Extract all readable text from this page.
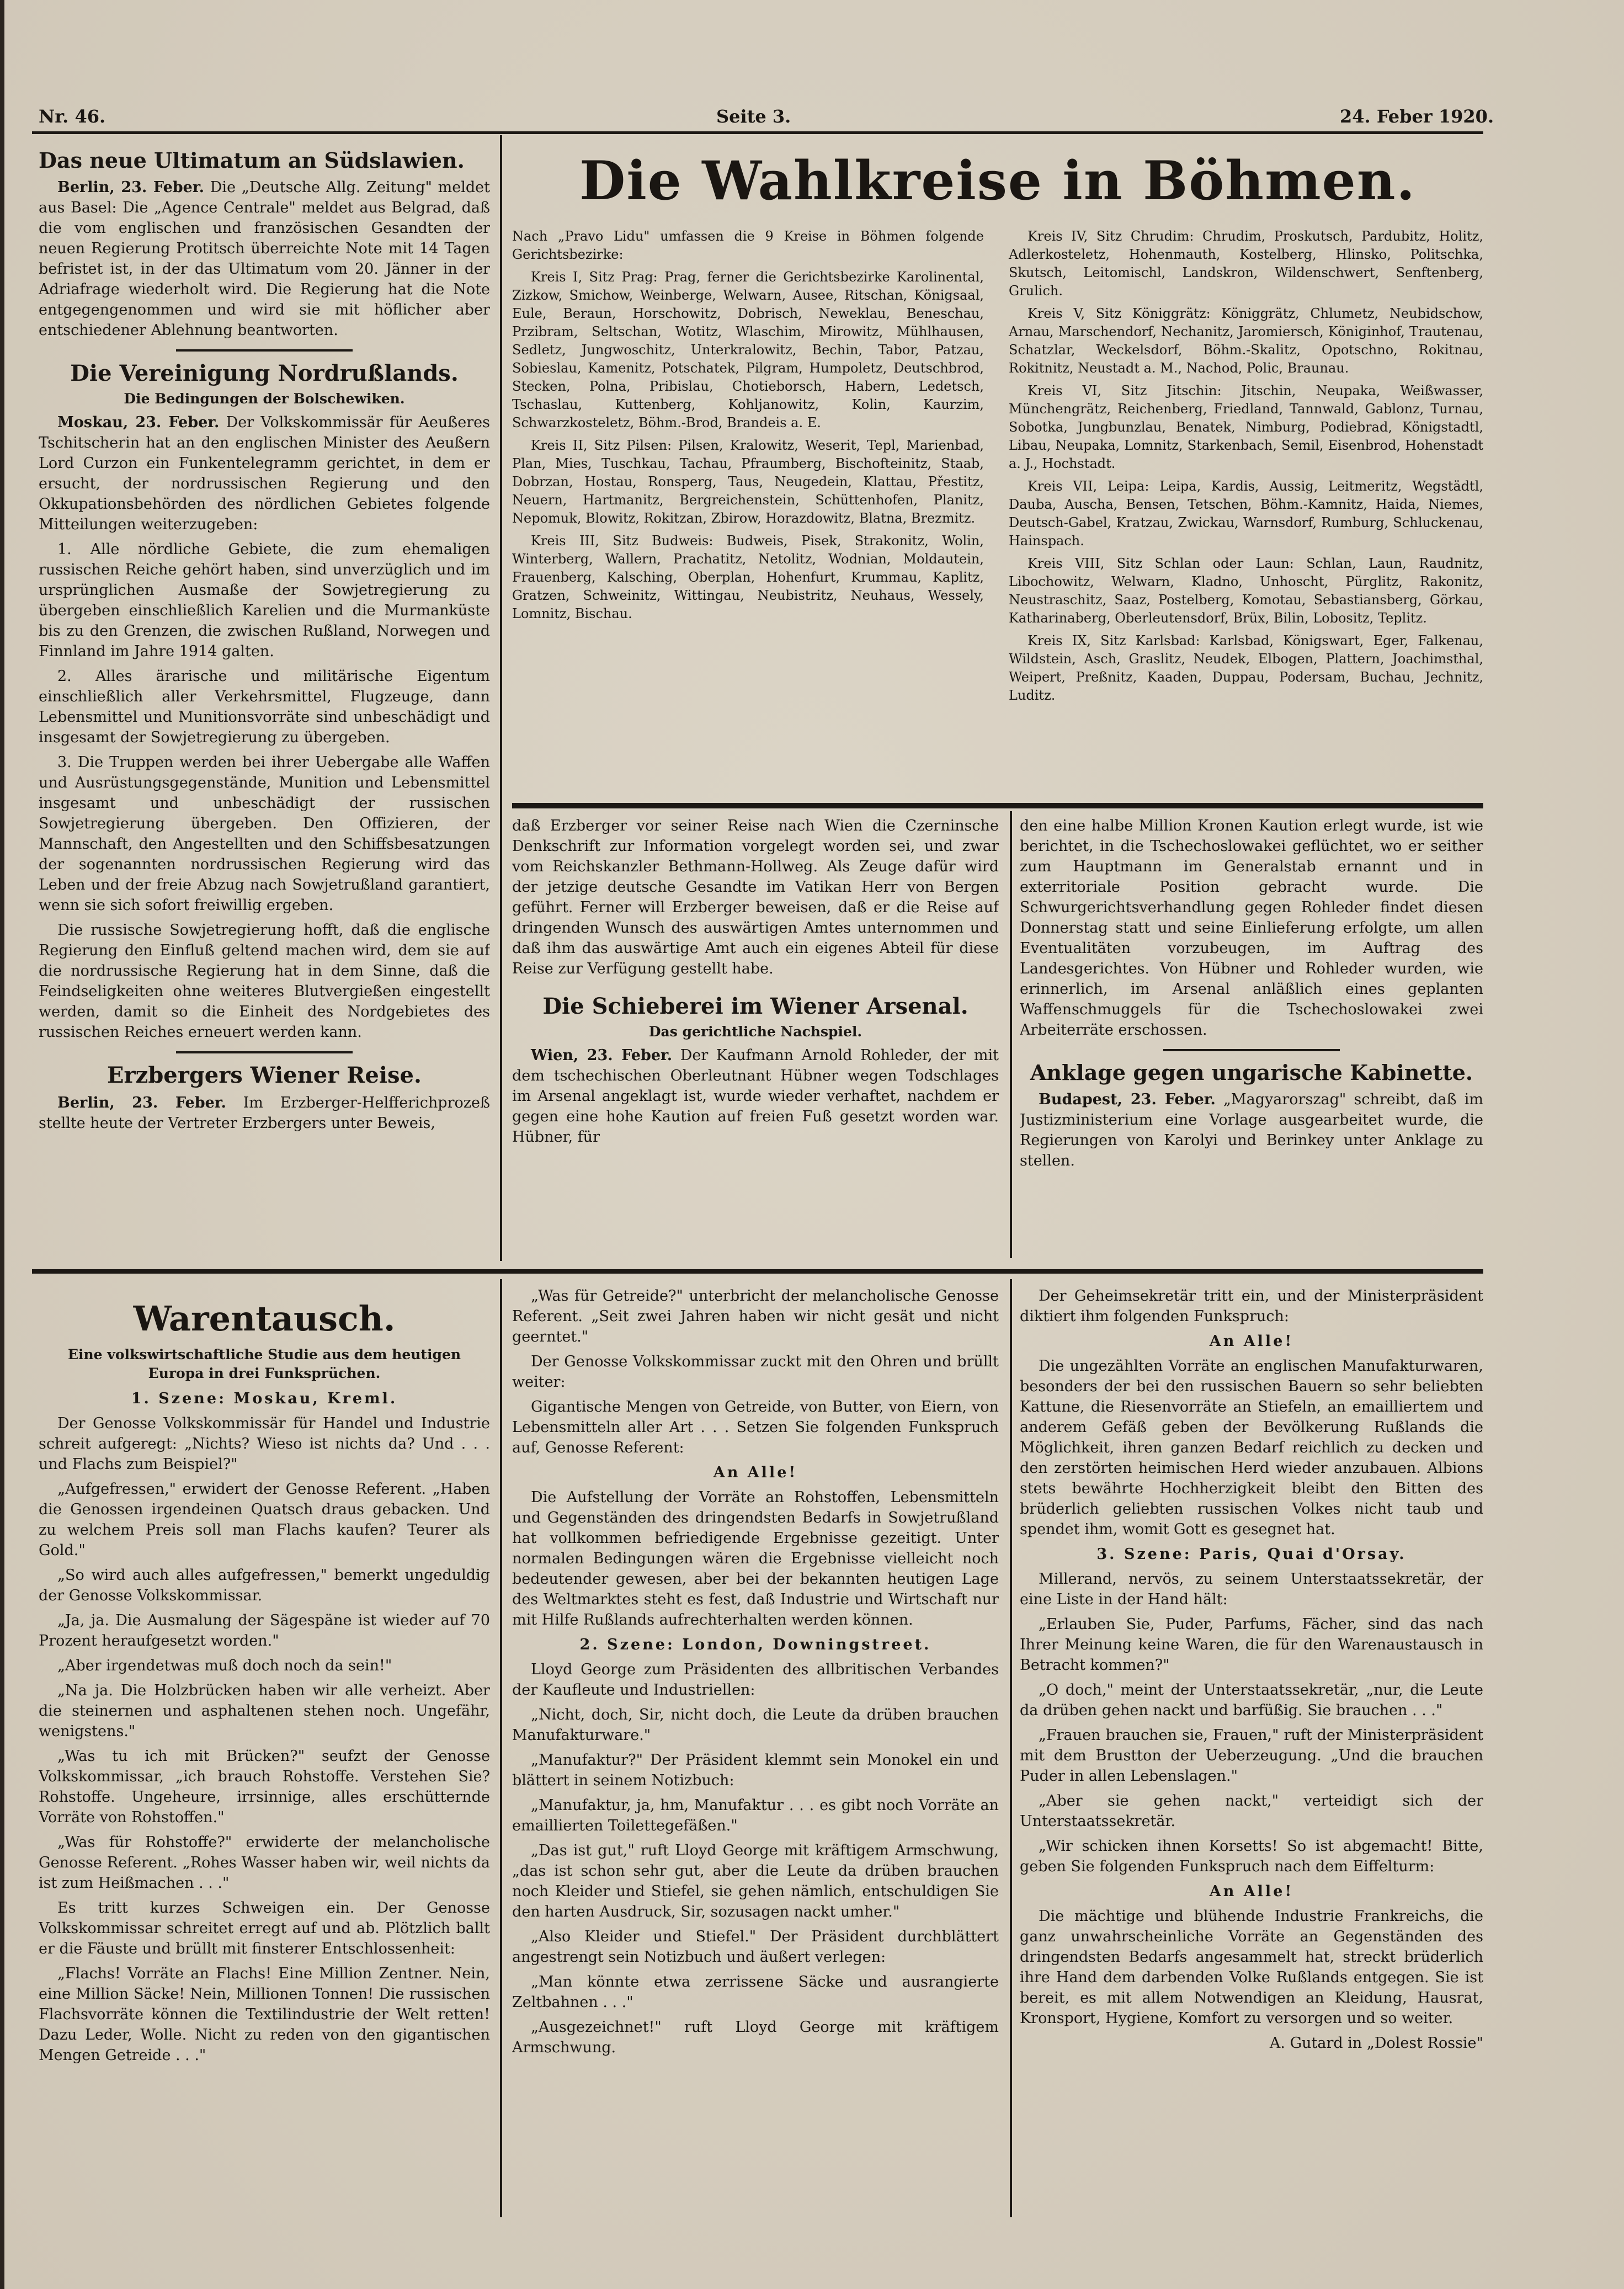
Nr. 46.	Seite 3.	24. Feber 1920.
Das neue Ultimatum an Südslawien.

Berlin, 23. Feber. Die „Deutsche Allg. Zeitung" meldet aus Basel: Die „Agence Centrale" meldet aus Belgrad, daß die vom englischen und französischen Gesandten der neuen Regierung Protitsch überreichte Note mit 14 Tagen befristet ist, in der das Ultimatum vom 20. Jänner in der Adriafrage wiederholt wird. Die Regierung hat die Note entgegengenommen und wird sie mit höflicher aber entschiedener Ablehnung beantworten.

Die Vereinigung Nordrußlands.
Die Bedingungen der Bolschewiken.

Moskau, 23. Feber. Der Volkskommissär für Aeußeres Tschitscherin hat an den englischen Minister des Aeußern Lord Curzon ein Funkentelegramm gerichtet, in dem er ersucht, der nordrussischen Regierung und den Okkupationsbehörden des nördlichen Gebietes folgende Mitteilungen weiterzugeben:

1. Alle nördliche Gebiete, die zum ehemaligen russischen Reiche gehört haben, sind unverzüglich und im ursprünglichen Ausmaße der Sowjetregierung zu übergeben einschließlich Karelien und die Murmanküste bis zu den Grenzen, die zwischen Rußland, Norwegen und Finnland im Jahre 1914 galten.

2. Alles ärarische und militärische Eigentum einschließlich aller Verkehrsmittel, Flugzeuge, dann Lebensmittel und Munitionsvorräte sind unbeschädigt und insgesamt der Sowjetregierung zu übergeben.

3. Die Truppen werden bei ihrer Uebergabe alle Waffen und Ausrüstungsgegenstände, Munition und Lebensmittel insgesamt und unbeschädigt der russischen Sowjetregierung übergeben. Den Offizieren, der Mannschaft, den Angestellten und den Schiffsbesatzungen der sogenannten nordrussischen Regierung wird das Leben und der freie Abzug nach Sowjetrußland garantiert, wenn sie sich sofort freiwillig ergeben.

Die russische Sowjetregierung hofft, daß die englische Regierung den Einfluß geltend machen wird, dem sie auf die nordrussische Regierung hat in dem Sinne, daß die Feindseligkeiten ohne weiteres Blutvergießen eingestellt werden, damit so die Einheit des Nordgebietes des russischen Reiches erneuert werden kann.

Erzbergers Wiener Reise.

Berlin, 23. Feber. Im Erzberger-Helfferichprozeß stellte heute der Vertreter Erzbergers unter Beweis,

Die Wahlkreise in Böhmen.

Nach „Pravo Lidu" umfassen die 9 Kreise in Böhmen folgende Gerichtsbezirke:

Kreis I, Sitz Prag: Prag, ferner die Gerichtsbezirke Karolinental, Zizkow, Smichow, Weinberge, Welwarn, Ausee, Ritschan, Königsaal, Eule, Beraun, Horschowitz, Dobrisch, Neweklau, Beneschau, Przibram, Seltschan, Wotitz, Wlaschim, Mirowitz, Mühlhausen, Sedletz, Jungwoschitz, Unterkralowitz, Bechin, Tabor, Patzau, Sobieslau, Kamenitz, Potschatek, Pilgram, Humpoletz, Deutschbrod, Stecken, Polna, Pribislau, Chotieborsch, Habern, Ledetsch, Tschaslau, Kuttenberg, Kohljanowitz, Kolin, Kaurzim, Schwarzkosteletz, Böhm.-Brod, Brandeis a. E.

Kreis II, Sitz Pilsen: Pilsen, Kralowitz, Weserit, Tepl, Marienbad, Plan, Mies, Tuschkau, Tachau, Pfraumberg, Bischofteinitz, Staab, Dobrzan, Hostau, Ronsperg, Taus, Neugedein, Klattau, Přestitz, Neuern, Hartmanitz, Bergreichenstein, Schüttenhofen, Planitz, Nepomuk, Blowitz, Rokitzan, Zbirow, Horazdowitz, Blatna, Brezmitz.

Kreis III, Sitz Budweis: Budweis, Pisek, Strakonitz, Wolin, Winterberg, Wallern, Prachatitz, Netolitz, Wodnian, Moldautein, Frauenberg, Kalsching, Oberplan, Hohenfurt, Krummau, Kaplitz, Gratzen, Schweinitz, Wittingau, Neubistritz, Neuhaus, Wessely, Lomnitz, Bischau.

Kreis IV, Sitz Chrudim: Chrudim, Proskutsch, Pardubitz, Holitz, Adlerkosteletz, Hohenmauth, Kostelberg, Hlinsko, Politschka, Skutsch, Leitomischl, Landskron, Wildenschwert, Senftenberg, Grulich.

Kreis V, Sitz Königgrätz: Königgrätz, Chlumetz, Neubidschow, Arnau, Marschendorf, Nechanitz, Jaromiersch, Königinhof, Trautenau, Schatzlar, Weckelsdorf, Böhm.-Skalitz, Opotschno, Rokitnau, Rokitnitz, Neustadt a. M., Nachod, Polic, Braunau.

Kreis VI, Sitz Jitschin: Jitschin, Neupaka, Weißwasser, Münchengrätz, Reichenberg, Friedland, Tannwald, Gablonz, Turnau, Sobotka, Jungbunzlau, Benatek, Nimburg, Podiebrad, Königstadtl, Libau, Neupaka, Lomnitz, Starkenbach, Semil, Eisenbrod, Hohenstadt a. J., Hochstadt.

Kreis VII, Leipa: Leipa, Kardis, Aussig, Leitmeritz, Wegstädtl, Dauba, Auscha, Bensen, Tetschen, Böhm.-Kamnitz, Haida, Niemes, Deutsch-Gabel, Kratzau, Zwickau, Warnsdorf, Rumburg, Schluckenau, Hainspach.

Kreis VIII, Sitz Schlan oder Laun: Schlan, Laun, Raudnitz, Libochowitz, Welwarn, Kladno, Unhoscht, Pürglitz, Rakonitz, Neustraschitz, Saaz, Postelberg, Komotau, Sebastiansberg, Görkau, Katharinaberg, Oberleutensdorf, Brüx, Bilin, Lobositz, Teplitz.

Kreis IX, Sitz Karlsbad: Karlsbad, Königswart, Eger, Falkenau, Wildstein, Asch, Graslitz, Neudek, Elbogen, Plattern, Joachimsthal, Weipert, Preßnitz, Kaaden, Duppau, Podersam, Buchau, Jechnitz, Luditz.

daß Erzberger vor seiner Reise nach Wien die Czerninsche Denkschrift zur Information vorgelegt worden sei, und zwar vom Reichskanzler Bethmann-Hollweg. Als Zeuge dafür wird der jetzige deutsche Gesandte im Vatikan Herr von Bergen geführt. Ferner will Erzberger beweisen, daß er die Reise auf dringenden Wunsch des auswärtigen Amtes unternommen und daß ihm das auswärtige Amt auch ein eigenes Abteil für diese Reise zur Verfügung gestellt habe.

Die Schieberei im Wiener Arsenal.
Das gerichtliche Nachspiel.

Wien, 23. Feber. Der Kaufmann Arnold Rohleder, der mit dem tschechischen Oberleutnant Hübner wegen Todschlages im Arsenal angeklagt ist, wurde wieder verhaftet, nachdem er gegen eine hohe Kaution auf freien Fuß gesetzt worden war. Hübner, für

den eine halbe Million Kronen Kaution erlegt wurde, ist wie berichtet, in die Tschechoslowakei geflüchtet, wo er seither zum Hauptmann im Generalstab ernannt und in exterritoriale Position gebracht wurde. Die Schwurgerichtsverhandlung gegen Rohleder findet diesen Donnerstag statt und seine Einlieferung erfolgte, um allen Eventualitäten vorzubeugen, im Auftrag des Landesgerichtes. Von Hübner und Rohleder wurden, wie erinnerlich, im Arsenal anläßlich eines geplanten Waffenschmuggels für die Tschechoslowakei zwei Arbeiterräte erschossen.

Anklage gegen ungarische Kabinette.

Budapest, 23. Feber. „Magyarorszag" schreibt, daß im Justizministerium eine Vorlage ausgearbeitet wurde, die Regierungen von Karolyi und Berinkey unter Anklage zu stellen.

Warentausch.
Eine volkswirtschaftliche Studie aus dem heutigen Europa in drei Funksprüchen.

1. Szene: Moskau, Kreml.

Der Genosse Volkskommissär für Handel und Industrie schreit aufgeregt: „Nichts? Wieso ist nichts da? Und . . . und Flachs zum Beispiel?"

„Aufgefressen," erwidert der Genosse Referent. „Haben die Genossen irgendeinen Quatsch draus gebacken. Und zu welchem Preis soll man Flachs kaufen? Teurer als Gold."

„So wird auch alles aufgefressen," bemerkt ungeduldig der Genosse Volkskommissar.

„Ja, ja. Die Ausmalung der Sägespäne ist wieder auf 70 Prozent heraufgesetzt worden."

„Aber irgendetwas muß doch noch da sein!"

„Na ja. Die Holzbrücken haben wir alle verheizt. Aber die steinernen und asphaltenen stehen noch. Ungefähr, wenigstens."

„Was tu ich mit Brücken?" seufzt der Genosse Volkskommissar, „ich brauch Rohstoffe. Verstehen Sie? Rohstoffe. Ungeheure, irrsinnige, alles erschütternde Vorräte von Rohstoffen."

„Was für Rohstoffe?" erwiderte der melancholische Genosse Referent. „Rohes Wasser haben wir, weil nichts da ist zum Heißmachen . . ."

Es tritt kurzes Schweigen ein. Der Genosse Volkskommissar schreitet erregt auf und ab. Plötzlich ballt er die Fäuste und brüllt mit finsterer Entschlossenheit:

„Flachs! Vorräte an Flachs! Eine Million Zentner. Nein, eine Million Säcke! Nein, Millionen Tonnen! Die russischen Flachsvorräte können die Textilindustrie der Welt retten! Dazu Leder, Wolle. Nicht zu reden von den gigantischen Mengen Getreide . . ."

„Was für Getreide?" unterbricht der melancholische Genosse Referent. „Seit zwei Jahren haben wir nicht gesät und nicht geerntet."

Der Genosse Volkskommissar zuckt mit den Ohren und brüllt weiter:

Gigantische Mengen von Getreide, von Butter, von Eiern, von Lebensmitteln aller Art . . . Setzen Sie folgenden Funkspruch auf, Genosse Referent:

An Alle!

Die Aufstellung der Vorräte an Rohstoffen, Lebensmitteln und Gegenständen des dringendsten Bedarfs in Sowjetrußland hat vollkommen befriedigende Ergebnisse gezeitigt. Unter normalen Bedingungen wären die Ergebnisse vielleicht noch bedeutender gewesen, aber bei der bekannten heutigen Lage des Weltmarktes steht es fest, daß Industrie und Wirtschaft nur mit Hilfe Rußlands aufrechterhalten werden können.

2. Szene: London, Downingstreet.

Lloyd George zum Präsidenten des allbritischen Verbandes der Kaufleute und Industriellen:

„Nicht, doch, Sir, nicht doch, die Leute da drüben brauchen Manufakturware."

„Manufaktur?" Der Präsident klemmt sein Monokel ein und blättert in seinem Notizbuch:

„Manufaktur, ja, hm, Manufaktur . . . es gibt noch Vorräte an emaillierten Toilettegefäßen."

„Das ist gut," ruft Lloyd George mit kräftigem Armschwung, „das ist schon sehr gut, aber die Leute da drüben brauchen noch Kleider und Stiefel, sie gehen nämlich, entschuldigen Sie den harten Ausdruck, Sir, sozusagen nackt umher."

„Also Kleider und Stiefel." Der Präsident durchblättert angestrengt sein Notizbuch und äußert verlegen:

„Man könnte etwa zerrissene Säcke und ausrangierte Zeltbahnen . . ."

„Ausgezeichnet!" ruft Lloyd George mit kräftigem Armschwung.

Der Geheimsekretär tritt ein, und der Ministerpräsident diktiert ihm folgenden Funkspruch:

An Alle!

Die ungezählten Vorräte an englischen Manufakturwaren, besonders der bei den russischen Bauern so sehr beliebten Kattune, die Riesenvorräte an Stiefeln, an emailliertem und anderem Gefäß geben der Bevölkerung Rußlands die Möglichkeit, ihren ganzen Bedarf reichlich zu decken und den zerstörten heimischen Herd wieder anzubauen. Albions stets bewährte Hochherzigkeit bleibt den Bitten des brüderlich geliebten russischen Volkes nicht taub und spendet ihm, womit Gott es gesegnet hat.

3. Szene: Paris, Quai d'Orsay.

Millerand, nervös, zu seinem Unterstaatssekretär, der eine Liste in der Hand hält:

„Erlauben Sie, Puder, Parfums, Fächer, sind das nach Ihrer Meinung keine Waren, die für den Warenaustausch in Betracht kommen?"

„O doch," meint der Unterstaatssekretär, „nur, die Leute da drüben gehen nackt und barfüßig. Sie brauchen . . ."

„Frauen brauchen sie, Frauen," ruft der Ministerpräsident mit dem Brustton der Ueberzeugung. „Und die brauchen Puder in allen Lebenslagen."

„Aber sie gehen nackt," verteidigt sich der Unterstaatssekretär.

„Wir schicken ihnen Korsetts! So ist abgemacht! Bitte, geben Sie folgenden Funkspruch nach dem Eiffelturm:

An Alle!

Die mächtige und blühende Industrie Frankreichs, die ganz unwahrscheinliche Vorräte an Gegenständen des dringendsten Bedarfs angesammelt hat, streckt brüderlich ihre Hand dem darbenden Volke Rußlands entgegen. Sie ist bereit, es mit allem Notwendigen an Kleidung, Hausrat, Kronsport, Hygiene, Komfort zu versorgen und so weiter.

A. Gutard in „Dolest Rossie"
